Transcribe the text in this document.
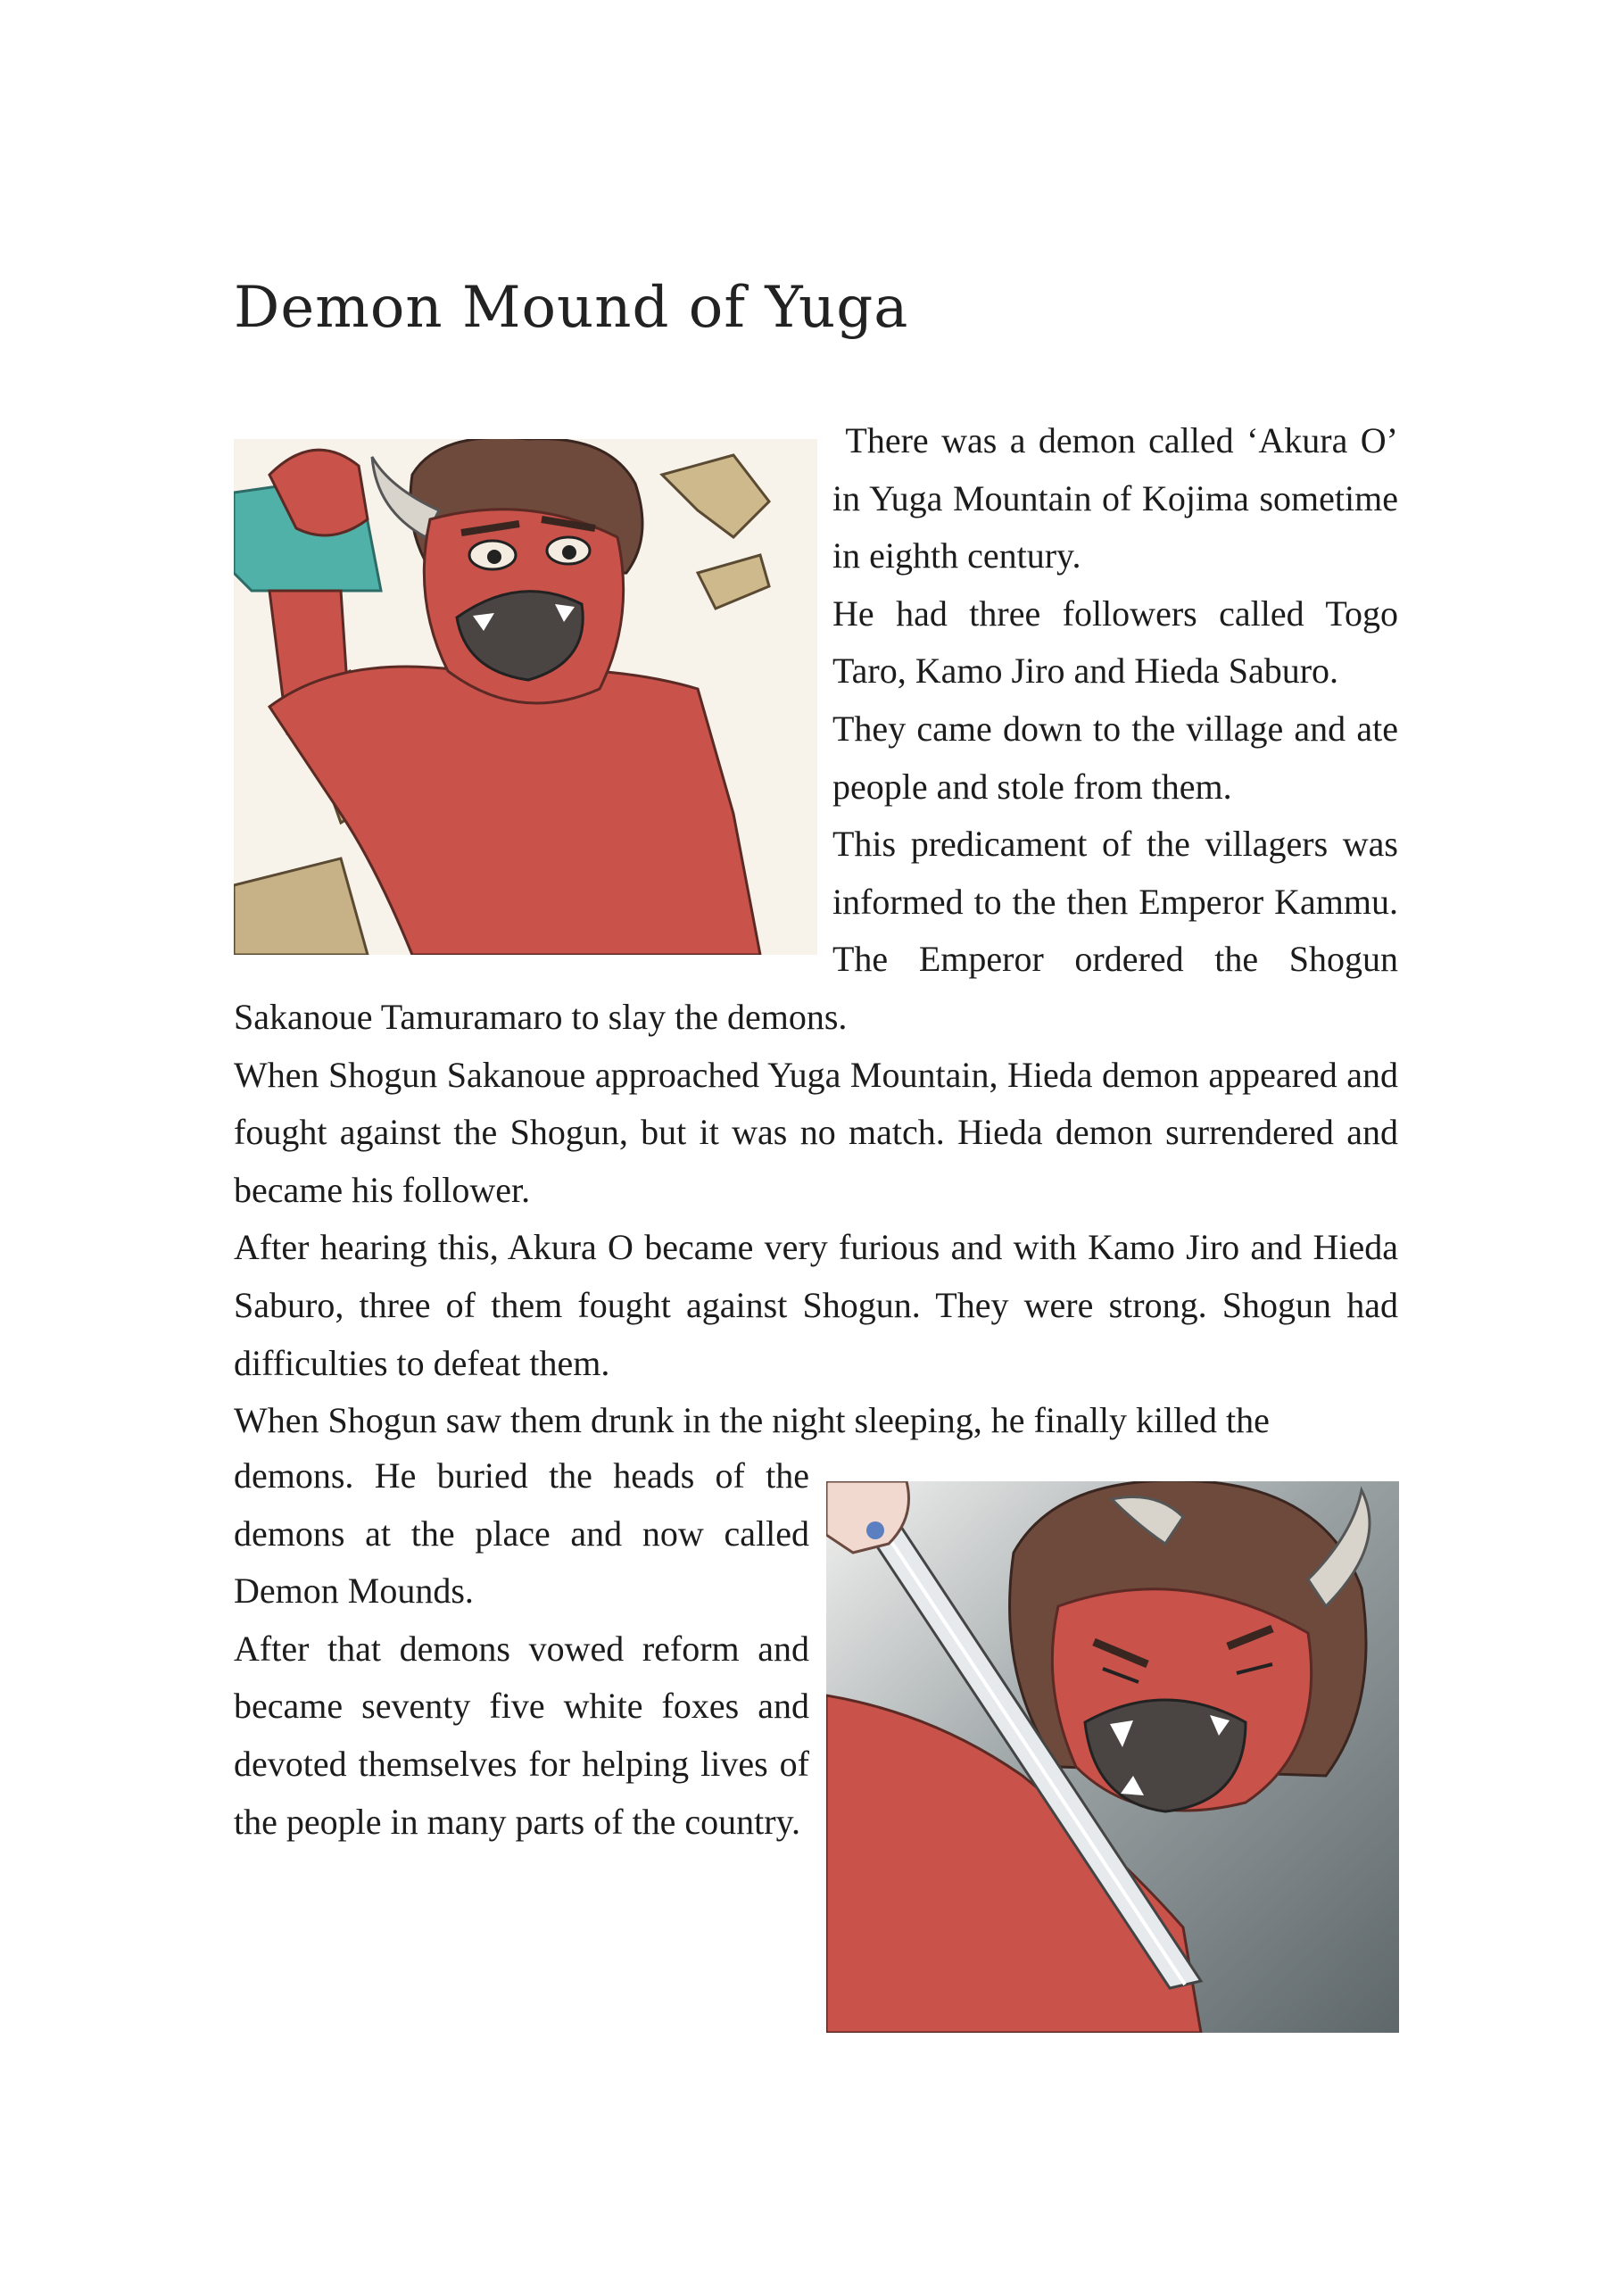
Demon Mound of Yuga

There was a demon called ‘Akura O’ in Yuga Mountain of Kojima sometime in eighth century.

He had three followers called Togo Taro, Kamo Jiro and Hieda Saburo.

They came down to the village and ate people and stole from them.

This predicament of the villagers was informed to the then Emperor Kammu. The Emperor ordered the Shogun Sakanoue Tamuramaro to slay the demons.

When Shogun Sakanoue approached Yuga Mountain, Hieda demon appeared and fought against the Shogun, but it was no match. Hieda demon surrendered and became his follower.

After hearing this, Akura O became very furious and with Kamo Jiro and Hieda Saburo, three of them fought against Shogun. They were strong. Shogun had difficulties to defeat them.

When Shogun saw them drunk in the night sleeping, he finally killed the

demons. He buried the heads of the demons at the place and now called Demon Mounds.

After that demons vowed reform and became seventy five white foxes and devoted themselves for helping lives of the people in many parts of the country.
